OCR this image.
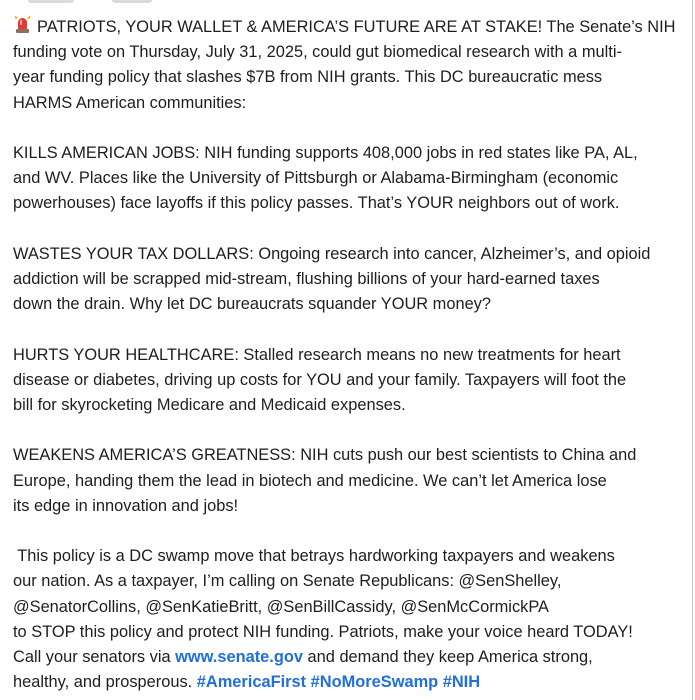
PATRIOTS, YOUR WALLET & AMERICA’S FUTURE ARE AT STAKE! The Senate’s NIH
funding vote on Thursday, July 31, 2025, could gut biomedical research with a multi-
year funding policy that slashes $7B from NIH grants. This DC bureaucratic mess
HARMS American communities:

KILLS AMERICAN JOBS: NIH funding supports 408,000 jobs in red states like PA, AL,
and WV. Places like the University of Pittsburgh or Alabama-Birmingham (economic
powerhouses) face layoffs if this policy passes. That’s YOUR neighbors out of work.

WASTES YOUR TAX DOLLARS: Ongoing research into cancer, Alzheimer’s, and opioid
addiction will be scrapped mid-stream, flushing billions of your hard-earned taxes
down the drain. Why let DC bureaucrats squander YOUR money?

HURTS YOUR HEALTHCARE: Stalled research means no new treatments for heart
disease or diabetes, driving up costs for YOU and your family. Taxpayers will foot the
bill for skyrocketing Medicare and Medicaid expenses.

WEAKENS AMERICA’S GREATNESS: NIH cuts push our best scientists to China and
Europe, handing them the lead in biotech and medicine. We can’t let America lose
its edge in innovation and jobs!

This policy is a DC swamp move that betrays hardworking taxpayers and weakens
our nation. As a taxpayer, I’m calling on Senate Republicans: @SenShelley,
@SenatorCollins, @SenKatieBritt, @SenBillCassidy, @SenMcCormickPA
to STOP this policy and protect NIH funding. Patriots, make your voice heard TODAY!
Call your senators via www.senate.gov and demand they keep America strong,
healthy, and prosperous. #AmericaFirst #NoMoreSwamp #NIH
